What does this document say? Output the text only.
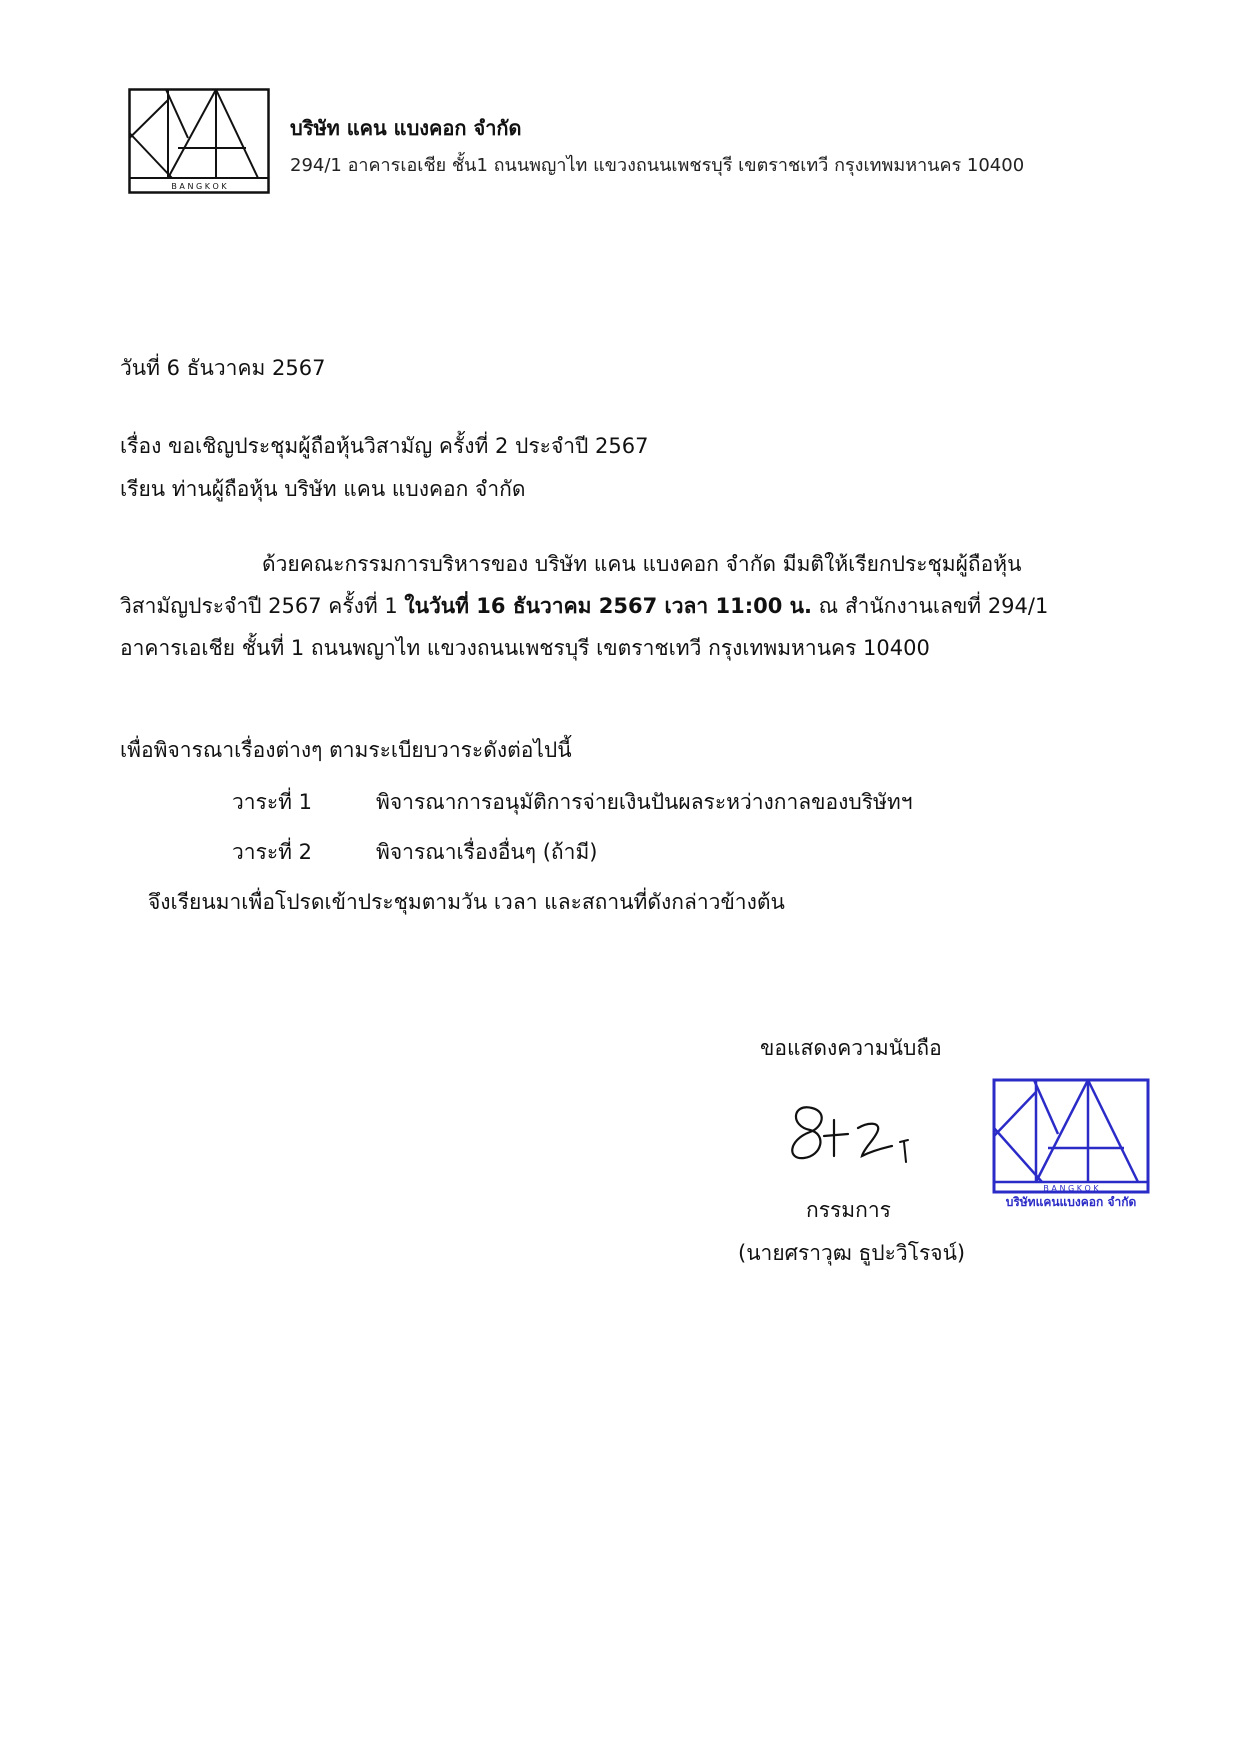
B A N G K O K
บริษัท แคน แบงคอก จำกัด
294/1 อาคารเอเชีย ชั้น1 ถนนพญาไท แขวงถนนเพชรบุรี เขตราชเทวี กรุงเทพมหานคร 10400
วันที่ 6 ธันวาคม 2567
เรื่อง ขอเชิญประชุมผู้ถือหุ้นวิสามัญ ครั้งที่ 2 ประจำปี 2567
เรียน ท่านผู้ถือหุ้น บริษัท แคน แบงคอก จำกัด
ด้วยคณะกรรมการบริหารของ บริษัท แคน แบงคอก จำกัด มีมติให้เรียกประชุมผู้ถือหุ้น
วิสามัญประจำปี 2567 ครั้งที่ 1 ในวันที่ 16 ธันวาคม 2567 เวลา 11:00 น. ณ สำนักงานเลขที่ 294/1
อาคารเอเชีย ชั้นที่ 1 ถนนพญาไท แขวงถนนเพชรบุรี เขตราชเทวี กรุงเทพมหานคร 10400
เพื่อพิจารณาเรื่องต่างๆ ตามระเบียบวาระดังต่อไปนี้
วาระที่ 1	พิจารณาการอนุมัติการจ่ายเงินปันผลระหว่างกาลของบริษัทฯ
วาระที่ 2	พิจารณาเรื่องอื่นๆ (ถ้ามี)
จึงเรียนมาเพื่อโปรดเข้าประชุมตามวัน เวลา และสถานที่ดังกล่าวข้างต้น
ขอแสดงความนับถือ
กรรมการ
(นายศราวุฒ ธูปะวิโรจน์)
B A N G K O K
บริษัทแคนแบงคอก จำกัด
